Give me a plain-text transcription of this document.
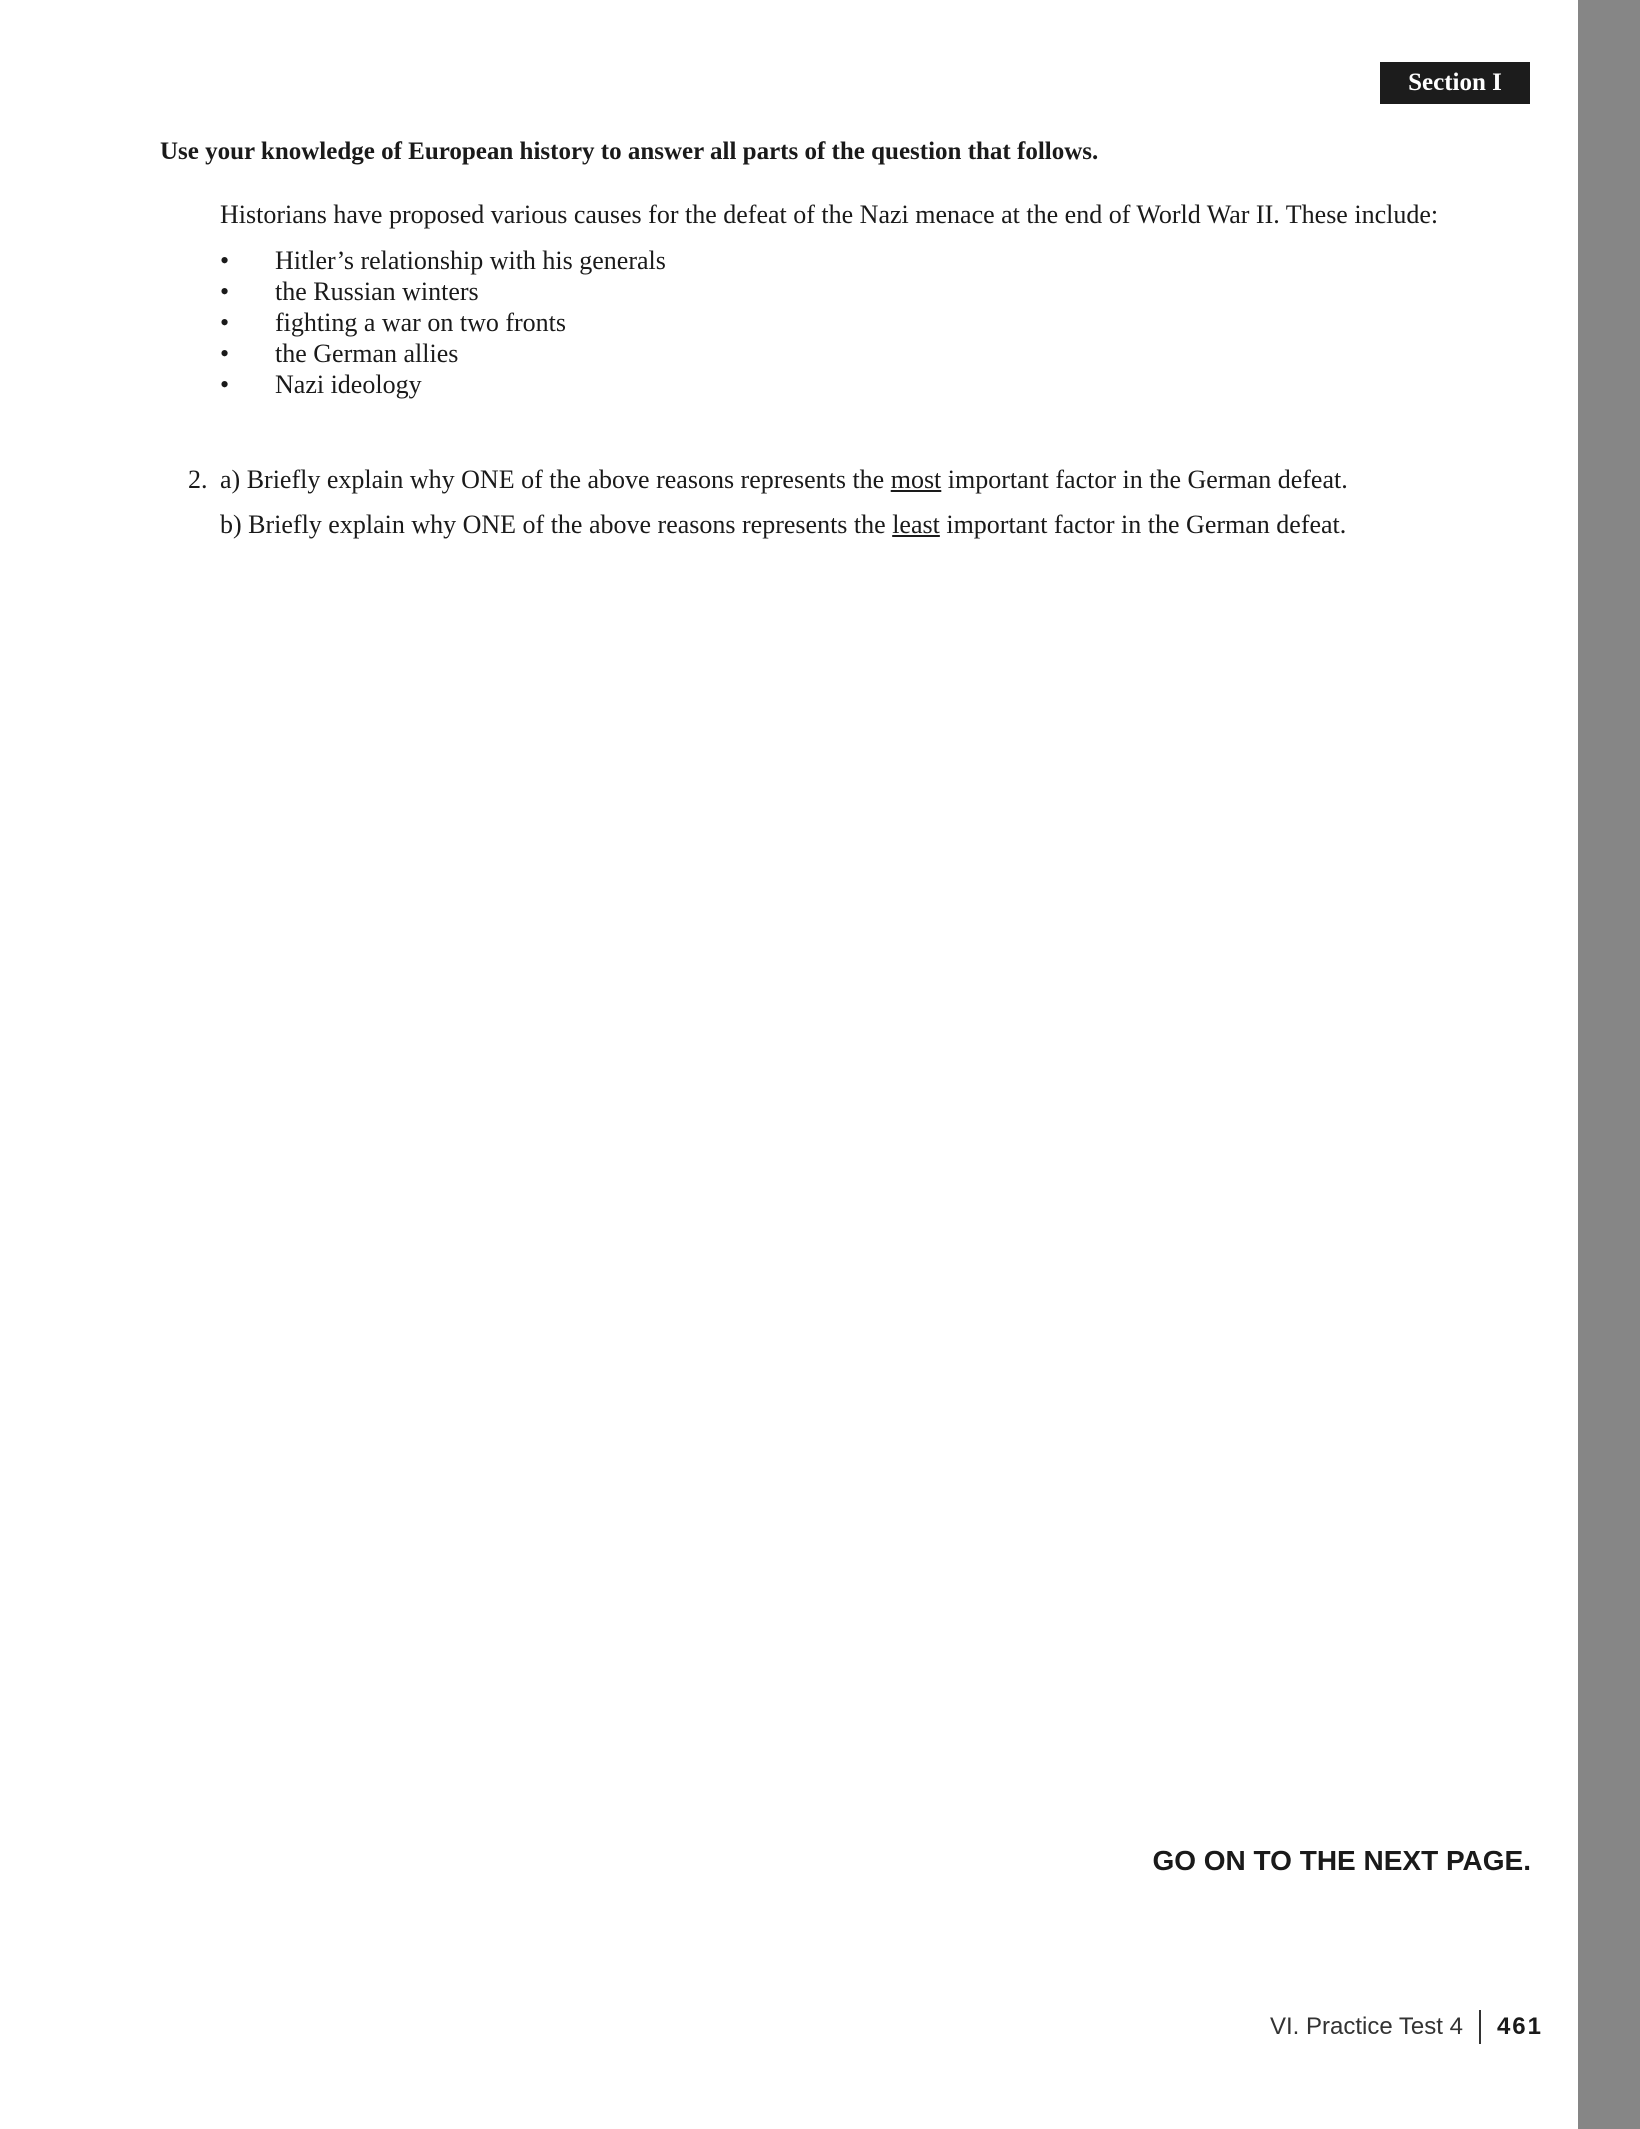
Section I
Use your knowledge of European history to answer all parts of the question that follows.
Historians have proposed various causes for the defeat of the Nazi menace at the end of World War II. These include:
•	Hitler’s relationship with his generals
•	the Russian winters
•	fighting a war on two fronts
•	the German allies
•	Nazi ideology
2. a) Briefly explain why ONE of the above reasons represents the most important factor in the German defeat.
b) Briefly explain why ONE of the above reasons represents the least important factor in the German defeat.
GO ON TO THE NEXT PAGE.
VI. Practice Test 4 461
